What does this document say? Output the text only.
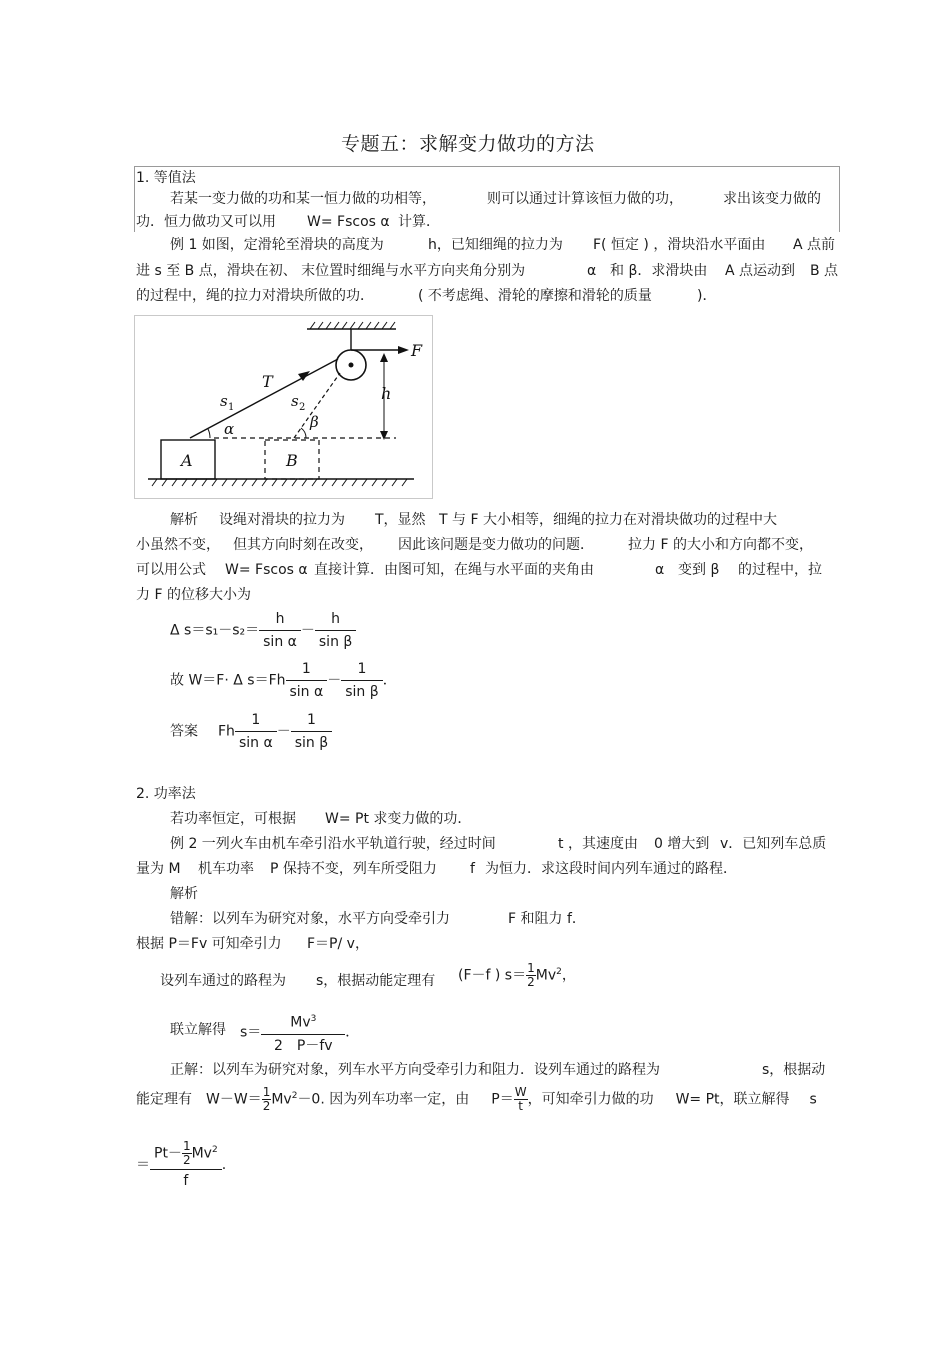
专题五：求解变力做功的方法
1. 等值法
若某一变力做的功和某一恒力做的功相等，	则可以通过计算该恒力做的功，	求出该变力做的
功．恒力做功又可以用 W= Fscos α 计算．
例 1 如图，定滑轮至滑块的高度为	h，已知细绳的拉力为 F( 恒定 ) ，滑块沿水平面由 A 点前
进 s 至 B 点，滑块在初、 末位置时细绳与水平方向夹角分别为	α 和 β．求滑块由 A 点运动到 B 点
的过程中，绳的拉力对滑块所做的功．	( 不考虑绳、滑轮的摩擦和滑轮的质量	)．
F
T
s 1	s 2
h
α	β
A	B
解析 设绳对滑块的拉力为 T，显然 T 与 F 大小相等，细绳的拉力在对滑块做功的过程中大
小虽然不变， 但其方向时刻在改变， 因此该问题是变力做功的问题． 拉力 F 的大小和方向都不变，
可以用公式 W= Fscos α 直接计算．由图可知，在绳与水平面的夹角由	α 变到 β 的过程中，拉
力 F 的位移大小为
Δ $s=s_1-s_2= \frac{h}{\text{sin α}} - \frac{h}{\text{sin β}}$
故 W＝F· Δ $s=Fh \frac{1}{\text{sin α}} - \frac{1}{\text{sin β}}$ ．
答案 Fh $\frac{1}{\text{sin α}} - \frac{1}{\text{sin β}}$
2. 功率法
若功率恒定，可根据 W= Pt 求变力做的功．
例 2 一列火车由机车牵引沿水平轨道行驶，经过时间	t ，其速度由 0 增大到 v．已知列车总质
量为 M 机车功率 P 保持不变，列车所受阻力 f 为恒力．求这段时间内列车通过的路程．
解析
错解：以列车为研究对象，水平方向受牵引力	F 和阻力 f．
根据 P＝Fv 可知牵引力 F＝P/ v，
设列车通过的路程为 s，根据动能定理有 (F－f ) $s= \frac{1}{2} Mv^2$，
联立解得 $s= \frac{Mv^3}{2 P-fv}$ ．
正解：以列车为研究对象，列车水平方向受牵引力和阻力．设列车通过的路程为	s，根据动
能定理有 $W-W= \frac{1}{2} Mv^2-0$. 因为列车功率一定，由 $P= \frac{W}{t}$ ，可知牵引力做的功 W= Pt，联立解得 s
＝ $\frac{Pt- \frac{1}{2} Mv^2}{f}$ .
